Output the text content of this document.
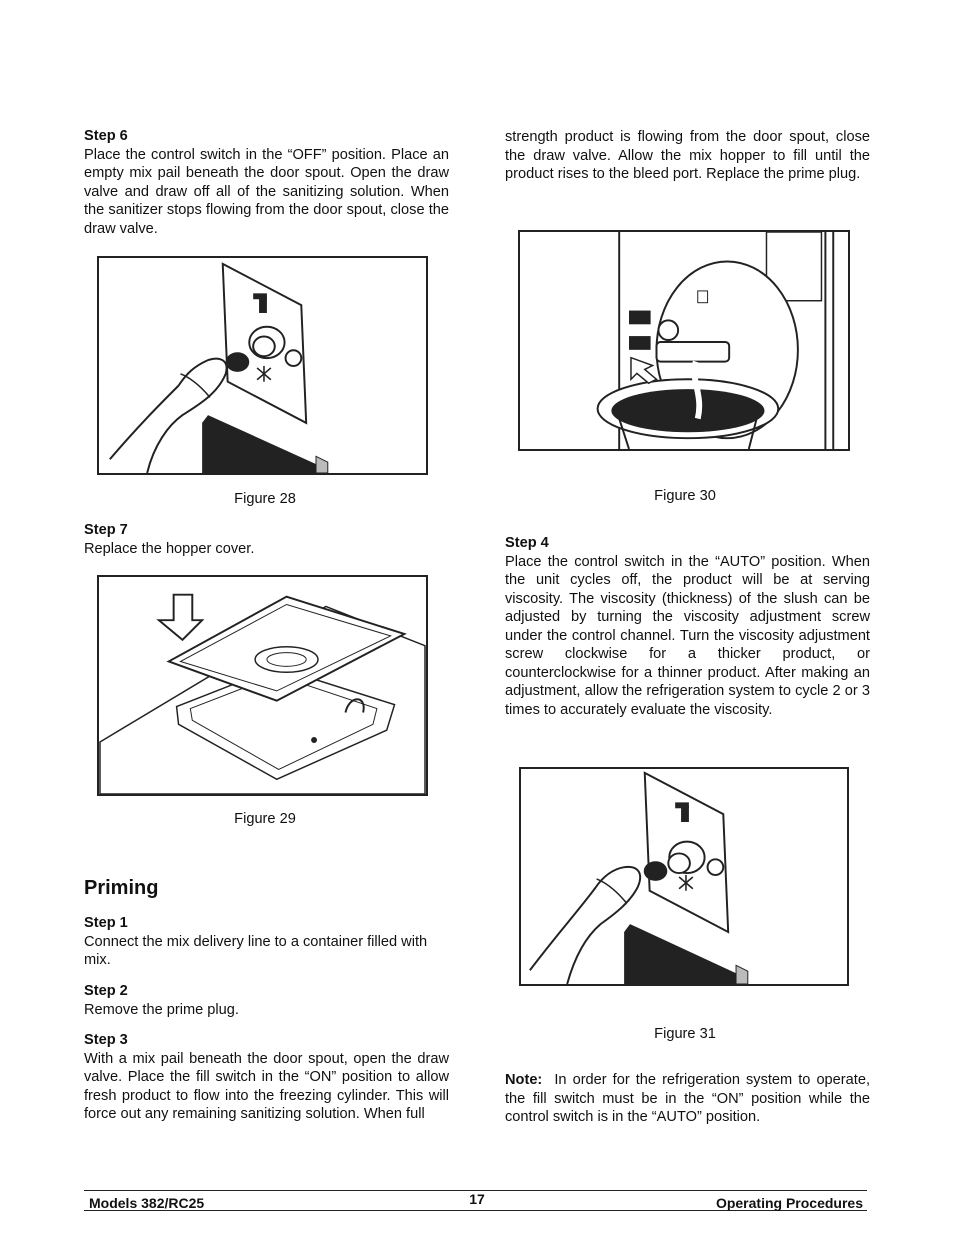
Step 6

Place the control switch in the “OFF” position. Place an empty mix pail beneath the door spout. Open the draw valve and draw off all of the sanitizing solution. When the sanitizer stops flowing from the door spout, close the draw valve.

Figure 28

Step 7

Replace the hopper cover.

Figure 29
Priming

Step 1

Connect the mix delivery line to a container filled with mix.

Step 2

Remove the prime plug.

Step 3

With a mix pail beneath the door spout, open the draw valve. Place the fill switch in the “ON” position to allow fresh product to flow into the freezing cylinder. This will force out any remaining sanitizing solution. When full

strength product is flowing from the door spout, close the draw valve. Allow the mix hopper to fill until the product rises to the bleed port. Replace the prime plug.

Figure 30

Step 4

Place the control switch in the “AUTO” position. When the unit cycles off, the product will be at serving viscosity. The viscosity (thickness) of the slush can be adjusted by turning the viscosity adjustment screw under the control channel. Turn the viscosity adjustment screw clockwise for a thicker product, or counterclockwise for a thinner product. After making an adjustment, allow the refrigeration system to cycle 2 or 3 times to accurately evaluate the viscosity.

Figure 31

Note: In order for the refrigeration system to operate, the fill switch must be in the “ON” position while the control switch is in the “AUTO” position.

Models 382/RC25	17	Operating Procedures
